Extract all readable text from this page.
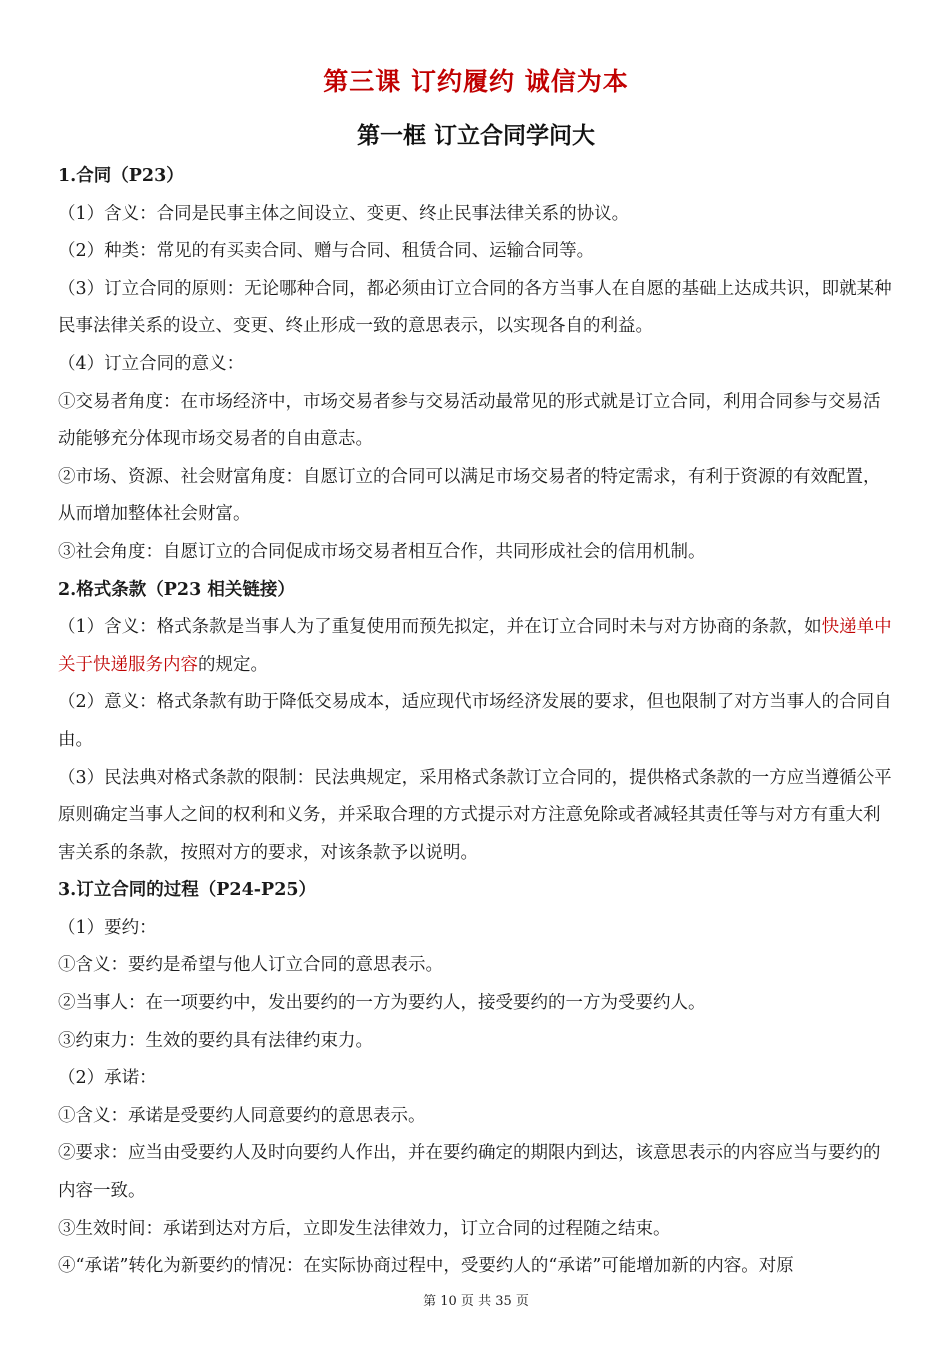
第三课 订约履约 诚信为本
第一框 订立合同学问大

1.合同（P23）

（1）含义：合同是民事主体之间设立、变更、终止民事法律关系的协议。

（2）种类：常见的有买卖合同、赠与合同、租赁合同、运输合同等。

（3）订立合同的原则：无论哪种合同，都必须由订立合同的各方当事人在自愿的基础上达成共识，即就某种民事法律关系的设立、变更、终止形成一致的意思表示，以实现各自的利益。

（4）订立合同的意义：

①交易者角度：在市场经济中，市场交易者参与交易活动最常见的形式就是订立合同，利用合同参与交易活动能够充分体现市场交易者的自由意志。

②市场、资源、社会财富角度：自愿订立的合同可以满足市场交易者的特定需求，有利于资源的有效配置，从而增加整体社会财富。

③社会角度：自愿订立的合同促成市场交易者相互合作，共同形成社会的信用机制。

2.格式条款（P23 相关链接）

（1）含义：格式条款是当事人为了重复使用而预先拟定，并在订立合同时未与对方协商的条款，如快递单中关于快递服务内容的规定。

（2）意义：格式条款有助于降低交易成本，适应现代市场经济发展的要求，但也限制了对方当事人的合同自由。

（3）民法典对格式条款的限制：民法典规定，采用格式条款订立合同的，提供格式条款的一方应当遵循公平原则确定当事人之间的权利和义务，并采取合理的方式提示对方注意免除或者减轻其责任等与对方有重大利害关系的条款，按照对方的要求，对该条款予以说明。

3.订立合同的过程（P24-P25）

（1）要约：

①含义：要约是希望与他人订立合同的意思表示。

②当事人：在一项要约中，发出要约的一方为要约人，接受要约的一方为受要约人。

③约束力：生效的要约具有法律约束力。

（2）承诺：

①含义：承诺是受要约人同意要约的意思表示。

②要求：应当由受要约人及时向要约人作出，并在要约确定的期限内到达，该意思表示的内容应当与要约的内容一致。

③生效时间：承诺到达对方后，立即发生法律效力，订立合同的过程随之结束。

④“承诺”转化为新要约的情况：在实际协商过程中，受要约人的“承诺”可能增加新的内容。对原

第 10 页 共 35 页
